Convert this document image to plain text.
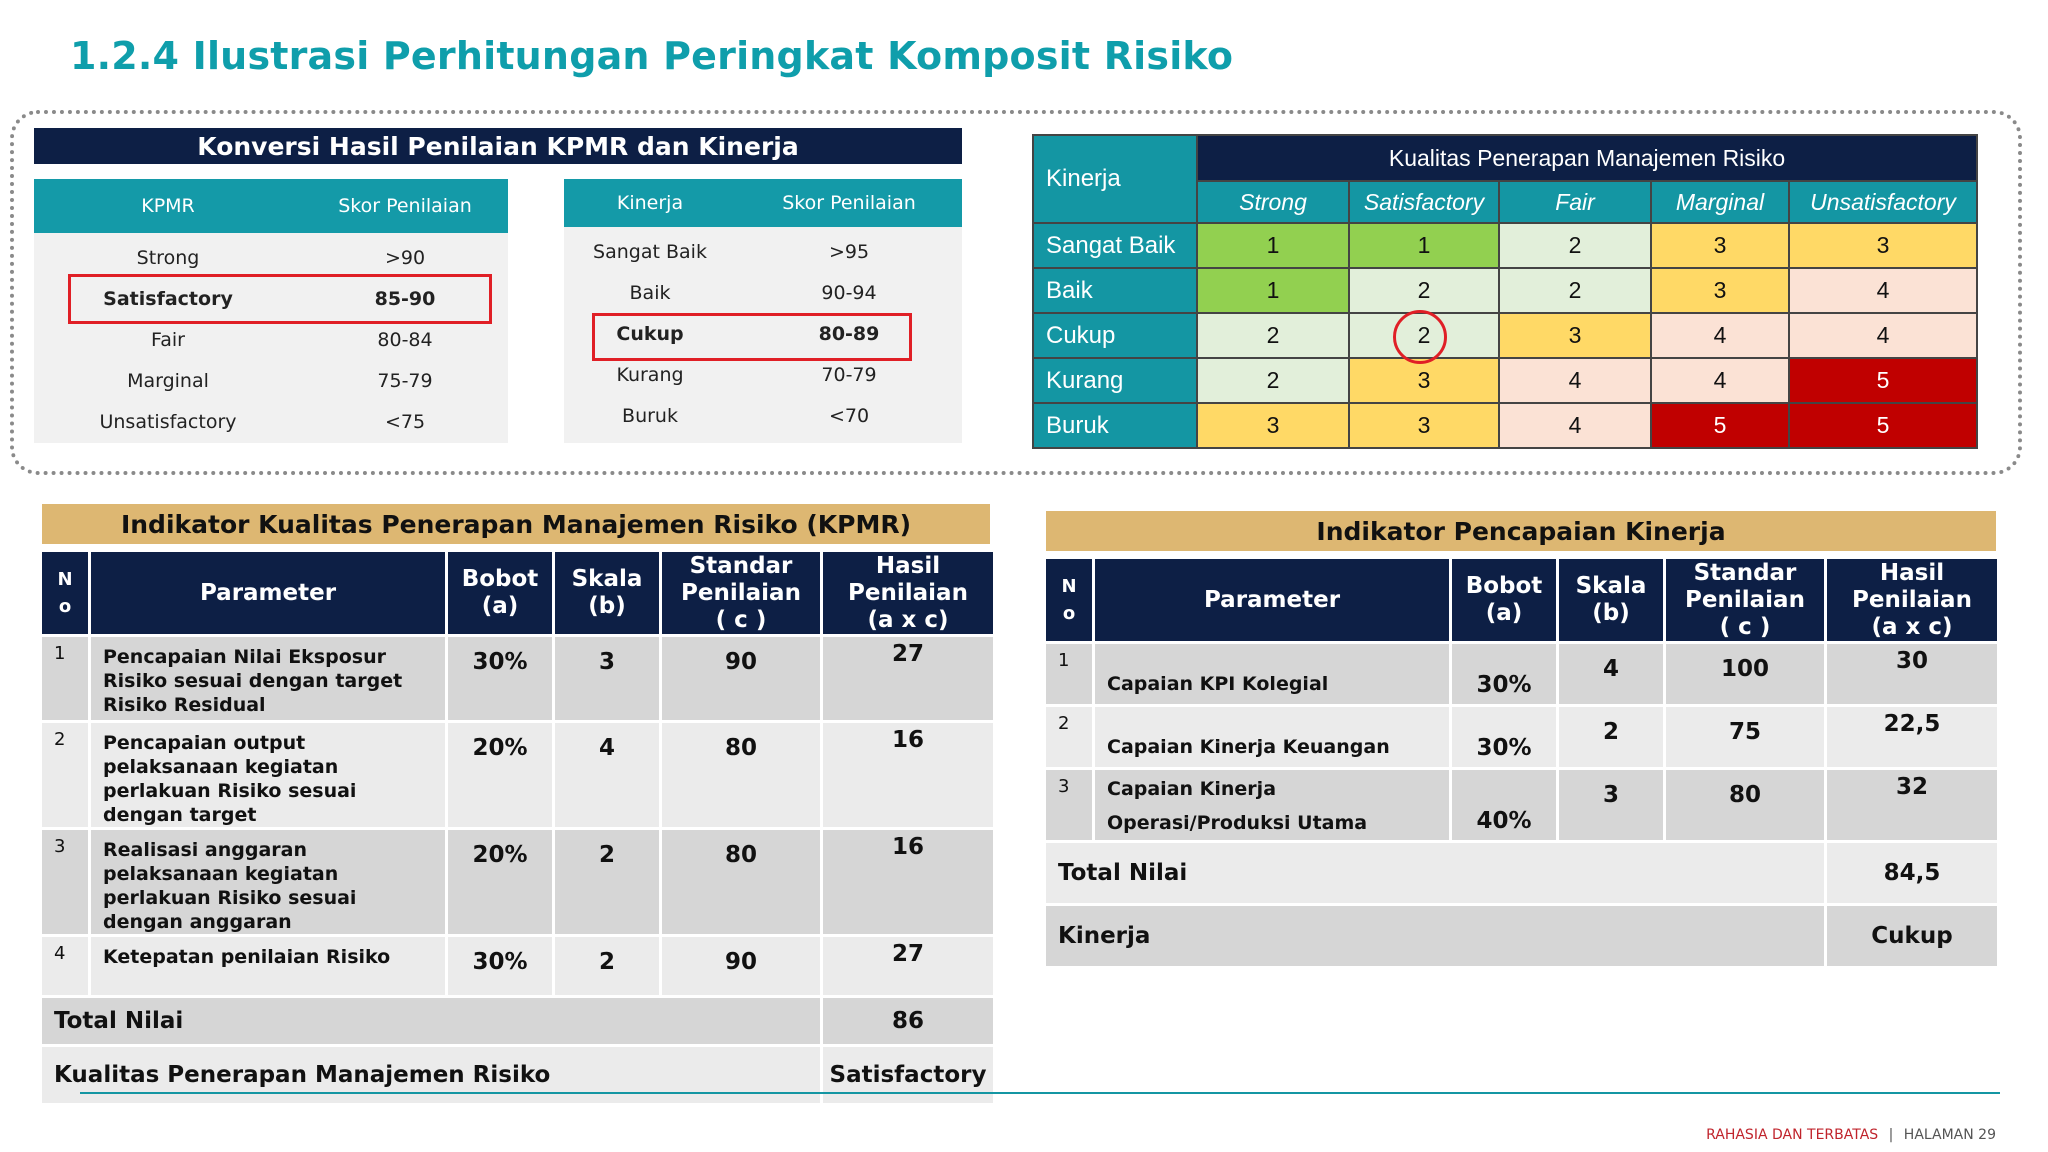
1.2.4 Ilustrasi Perhitungan Peringkat Komposit Risiko
Konversi Hasil Penilaian KPMR dan Kinerja
KPMR	Skor Penilaian
Strong	>90
Satisfactory	85-90
Fair	80-84
Marginal	75-79
Unsatisfactory	<75
Kinerja	Skor Penilaian
Sangat Baik	>95
Baik	90-94
Cukup	80-89
Kurang	70-79
Buruk	<70
Kinerja	Kualitas Penerapan Manajemen Risiko				
	Strong	Satisfactory	Fair	Marginal	Unsatisfactory
Sangat Baik	1	1	2	3	3
Baik	1	2	2	3	4
Cukup	2	2	3	4	4
Kurang	2	3	4	4	5
Buruk	3	3	4	5	5
Indikator Kualitas Penerapan Manajemen Risiko (KPMR)
N o	Parameter	Bobot (a)	Skala (b)	Standar Penilaian ( c )	Hasil Penilaian (a x c)
1	Pencapaian Nilai Eksposur Risiko sesuai dengan target Risiko Residual	30%	3	90	27
2	Pencapaian output pelaksanaan kegiatan perlakuan Risiko sesuai dengan target	20%	4	80	16
3	Realisasi anggaran pelaksanaan kegiatan perlakuan Risiko sesuai dengan anggaran	20%	2	80	16
4	Ketepatan penilaian Risiko	30%	2	90	27
Total Nilai					86
Kualitas Penerapan Manajemen Risiko					Satisfactory
Indikator Pencapaian Kinerja
N o	Parameter	Bobot (a)	Skala (b)	Standar Penilaian ( c )	Hasil Penilaian (a x c)
1	Capaian KPI Kolegial	30%	4	100	30
2	Capaian Kinerja Keuangan	30%	2	75	22,5
3	Capaian Kinerja Operasi/Produksi Utama	40%	3	80	32
Total Nilai					84,5
Kinerja					Cukup
RAHASIA DAN TERBATAS | HALAMAN 29
